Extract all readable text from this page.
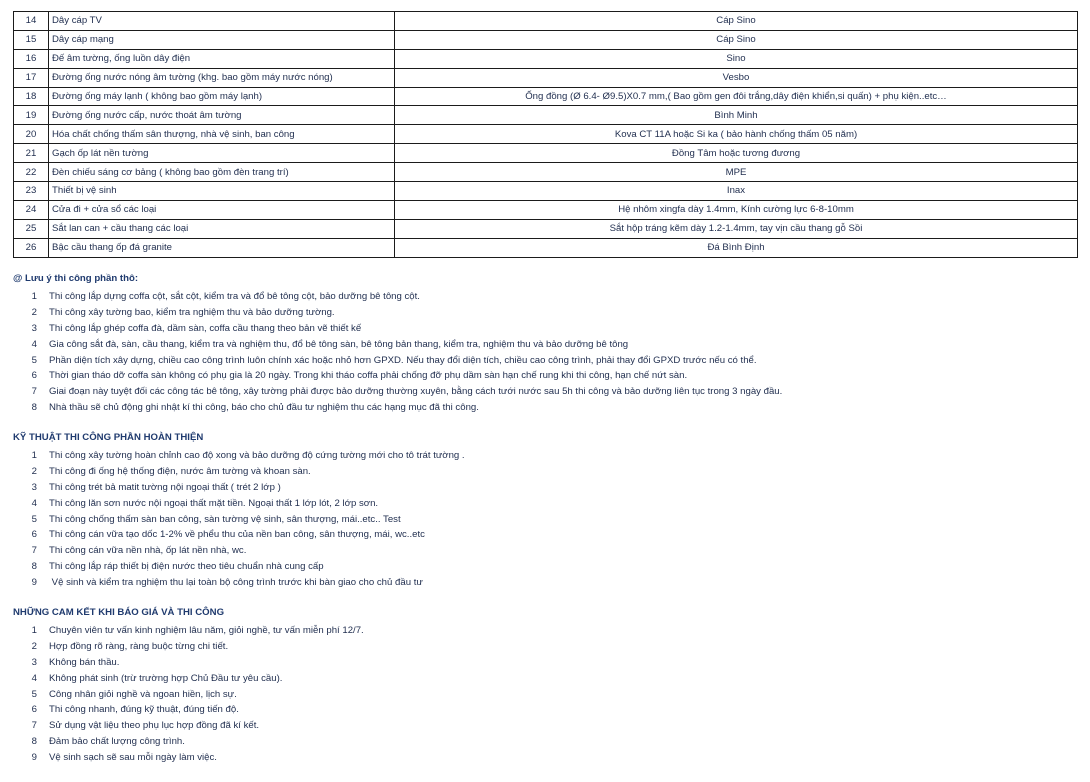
14	Dây cáp TV	Cáp Sino
15	Dây cáp mạng	Cáp Sino
16	Đế âm tường, ống luồn dây điện	Sino
17	Đường ống nước nóng âm tường (khg. bao gồm máy nước nóng)	Vesbo
18	Đường ống máy lạnh ( không bao gồm máy lạnh)	Ống đồng (Ø 6.4- Ø9.5)X0.7 mm,( Bao gồm gen đôi trắng,dây điện khiển,si quấn) + phụ kiện..etc…
19	Đường ống nước cấp, nước thoát âm tường	Bình Minh
20	Hóa chất chống thấm sân thượng, nhà vệ sinh, ban công	Kova CT 11A hoặc Si ka ( bảo hành chống thấm 05 năm)
21	Gạch ốp lát nền tường	Đồng Tâm hoặc tương đương
22	Đèn chiếu sáng cơ bảng ( không bao gồm đèn trang trí)	MPE
23	Thiết bị vệ sinh	Inax
24	Cửa đi + cửa sổ các loại	Hệ nhôm xingfa dày 1.4mm, Kính cường lực 6-8-10mm
25	Sắt lan can + cầu thang các loại	Sắt hộp tráng kẽm dày 1.2-1.4mm, tay vịn cầu thang gỗ Sồi
26	Bậc cầu thang ốp đá granite	Đá Bình Định
@ Lưu ý thi công phần thô:
1 Thi công lắp dựng coffa cột, sắt cột, kiểm tra và đổ bê tông cột, bảo dưỡng bê tông cột.
2 Thi công xây tường bao, kiểm tra nghiệm thu và bảo dưỡng tường.
3 Thi công lắp ghép coffa đà, dầm sàn, coffa cầu thang theo bản vẽ thiết kế
4 Gia công sắt đà, sàn, cầu thang, kiểm tra và nghiệm thu, đổ bê tông sàn, bê tông bản thang, kiểm tra, nghiệm thu và bảo dưỡng bê tông
5 Phần diện tích xây dựng, chiều cao công trình luôn chính xác hoặc nhỏ hơn GPXD. Nếu thay đổi diện tích, chiều cao công trình, phải thay đổi GPXD trước nếu có thể.
6 Thời gian tháo dỡ coffa sàn không có phụ gia là 20 ngày. Trong khi tháo coffa phải chống đỡ phụ dầm sàn hạn chế rung khi thi công, hạn chế nứt sàn.
7 Giai đoạn này tuyệt đối các công tác bê tông, xây tường phải được bảo dưỡng thường xuyên, bằng cách tưới nước sau 5h thi công và bảo dưỡng liên tục trong 3 ngày đầu.
8 Nhà thầu sẽ chủ động ghi nhật kí thi công, báo cho chủ đầu tư nghiệm thu các hạng mục đã thi công.
KỸ THUẬT THI CÔNG PHẦN HOÀN THIỆN
1 Thi công xây tường hoàn chỉnh cao độ xong và bảo dưỡng độ cứng tường mới cho tô trát tường .
2 Thi công đi ống hệ thống điện, nước âm tường và khoan sàn.
3 Thi công trét bả matit tường nội ngoại thất ( trét 2 lớp )
4 Thi công lăn sơn nước nội ngoại thất mặt tiền. Ngoại thất 1 lớp lót, 2 lớp sơn.
5 Thi công chống thấm sàn ban công, sàn tường vệ sinh, sân thượng, mái..etc.. Test
6 Thi công cán vữa tạo dốc 1-2% về phểu thu của nền ban công, sân thượng, mái, wc..etc
7 Thi công cán vữa nền nhà, ốp lát nền nhà, wc.
8 Thi công lắp ráp thiết bị điện nước theo tiêu chuẩn nhà cung cấp
9 Vệ sinh và kiểm tra nghiệm thu lại toàn bộ công trình trước khi bàn giao cho chủ đầu tư
NHỮNG CAM KẾT KHI BÁO GIÁ VÀ THI CÔNG
1 Chuyên viên tư vấn kinh nghiệm lâu năm, giỏi nghề, tư vấn miễn phí 12/7.
2 Hợp đồng rõ ràng, ràng buộc từng chi tiết.
3 Không bán thầu.
4 Không phát sinh (trừ trường hợp Chủ Đầu tư yêu cầu).
5 Công nhân giỏi nghề và ngoan hiền, lịch sự.
6 Thi công nhanh, đúng kỹ thuật, đúng tiến độ.
7 Sử dụng vật liệu theo phụ lục hợp đồng đã kí kết.
8 Đảm bảo chất lượng công trình.
9 Vệ sinh sạch sẽ sau mỗi ngày làm việc.
